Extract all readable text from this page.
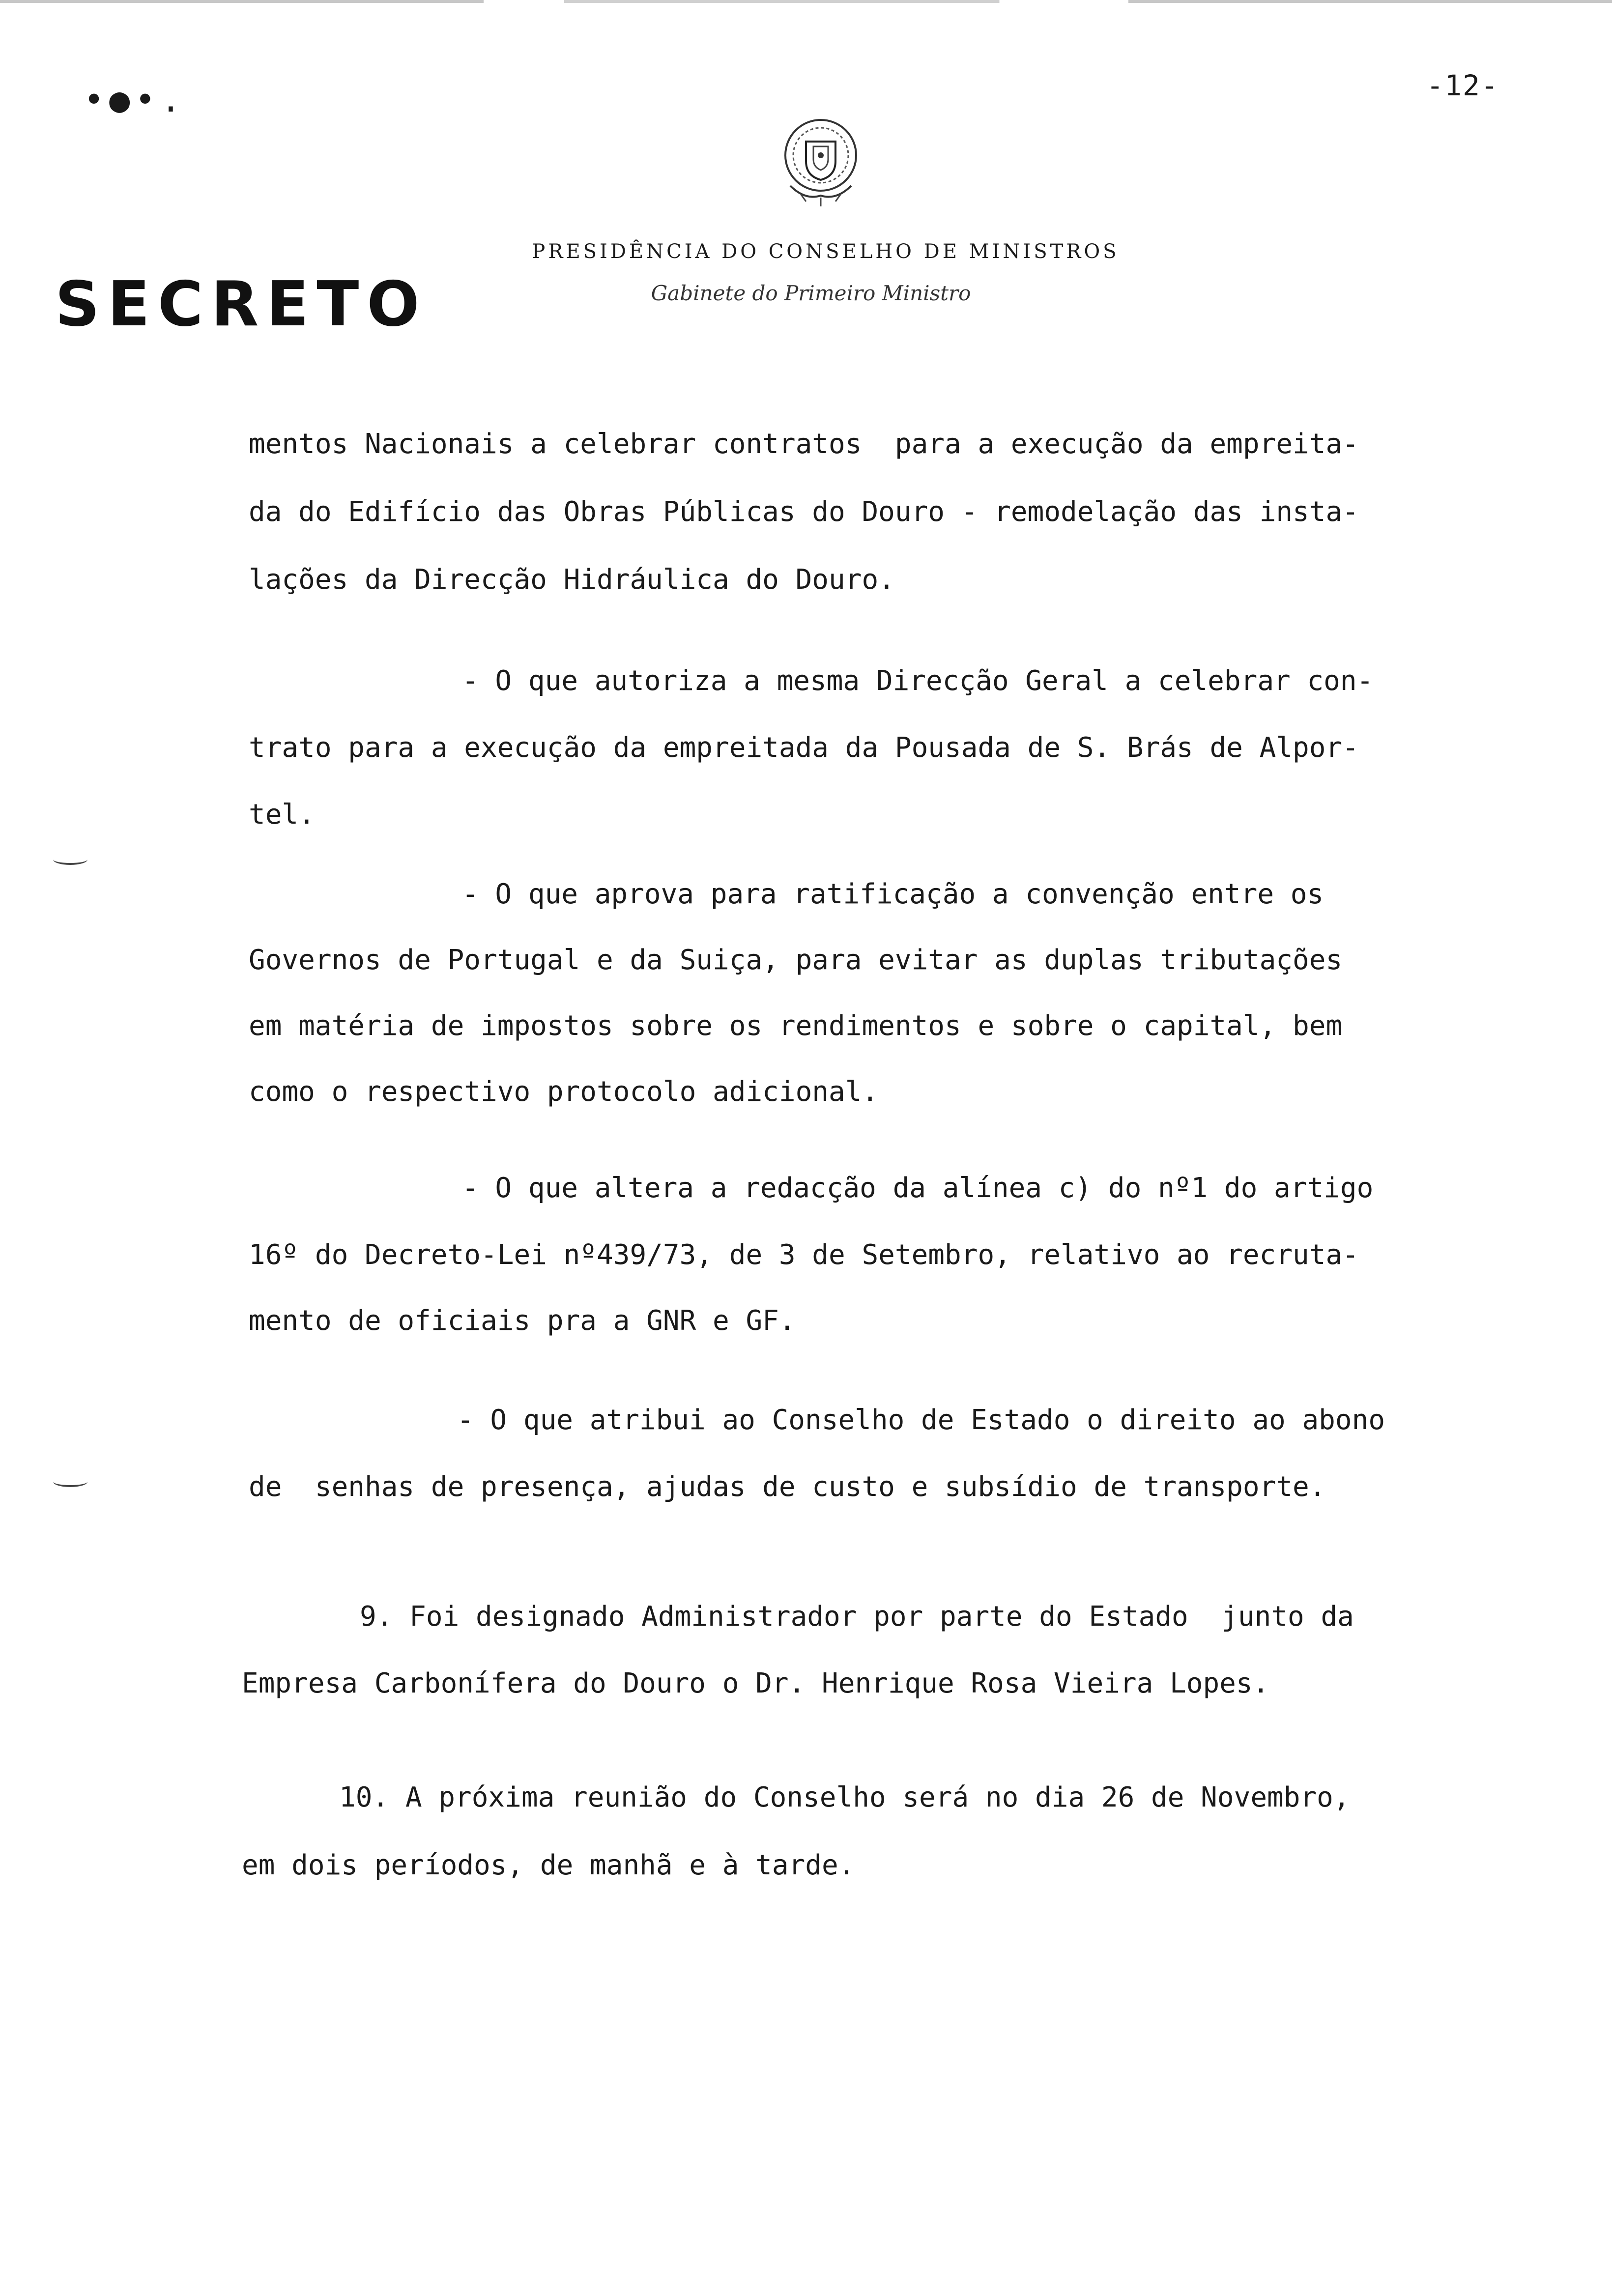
•●•.	-12-
SECRETO
PRESIDÊNCIA DO CONSELHO DE MINISTROS
Gabinete do Primeiro Ministro
mentos Nacionais a celebrar contratos  para a execução da empreita-
da do Edifício das Obras Públicas do Douro - remodelação das insta-
lações da Direcção Hidráulica do Douro.
- O que autoriza a mesma Direcção Geral a celebrar con-
trato para a execução da empreitada da Pousada de S. Brás de Alpor-
tel.
- O que aprova para ratificação a convenção entre os
Governos de Portugal e da Suiça, para evitar as duplas tributações
em matéria de impostos sobre os rendimentos e sobre o capital, bem
como o respectivo protocolo adicional.
- O que altera a redacção da alínea c) do nº1 do artigo
16º do Decreto-Lei nº439/73, de 3 de Setembro, relativo ao recruta-
mento de oficiais pra a GNR e GF.
- O que atribui ao Conselho de Estado o direito ao abono
de  senhas de presença, ajudas de custo e subsídio de transporte.
9. Foi designado Administrador por parte do Estado  junto da
Empresa Carbonífera do Douro o Dr. Henrique Rosa Vieira Lopes.
10. A próxima reunião do Conselho será no dia 26 de Novembro,
em dois períodos, de manhã e à tarde.
